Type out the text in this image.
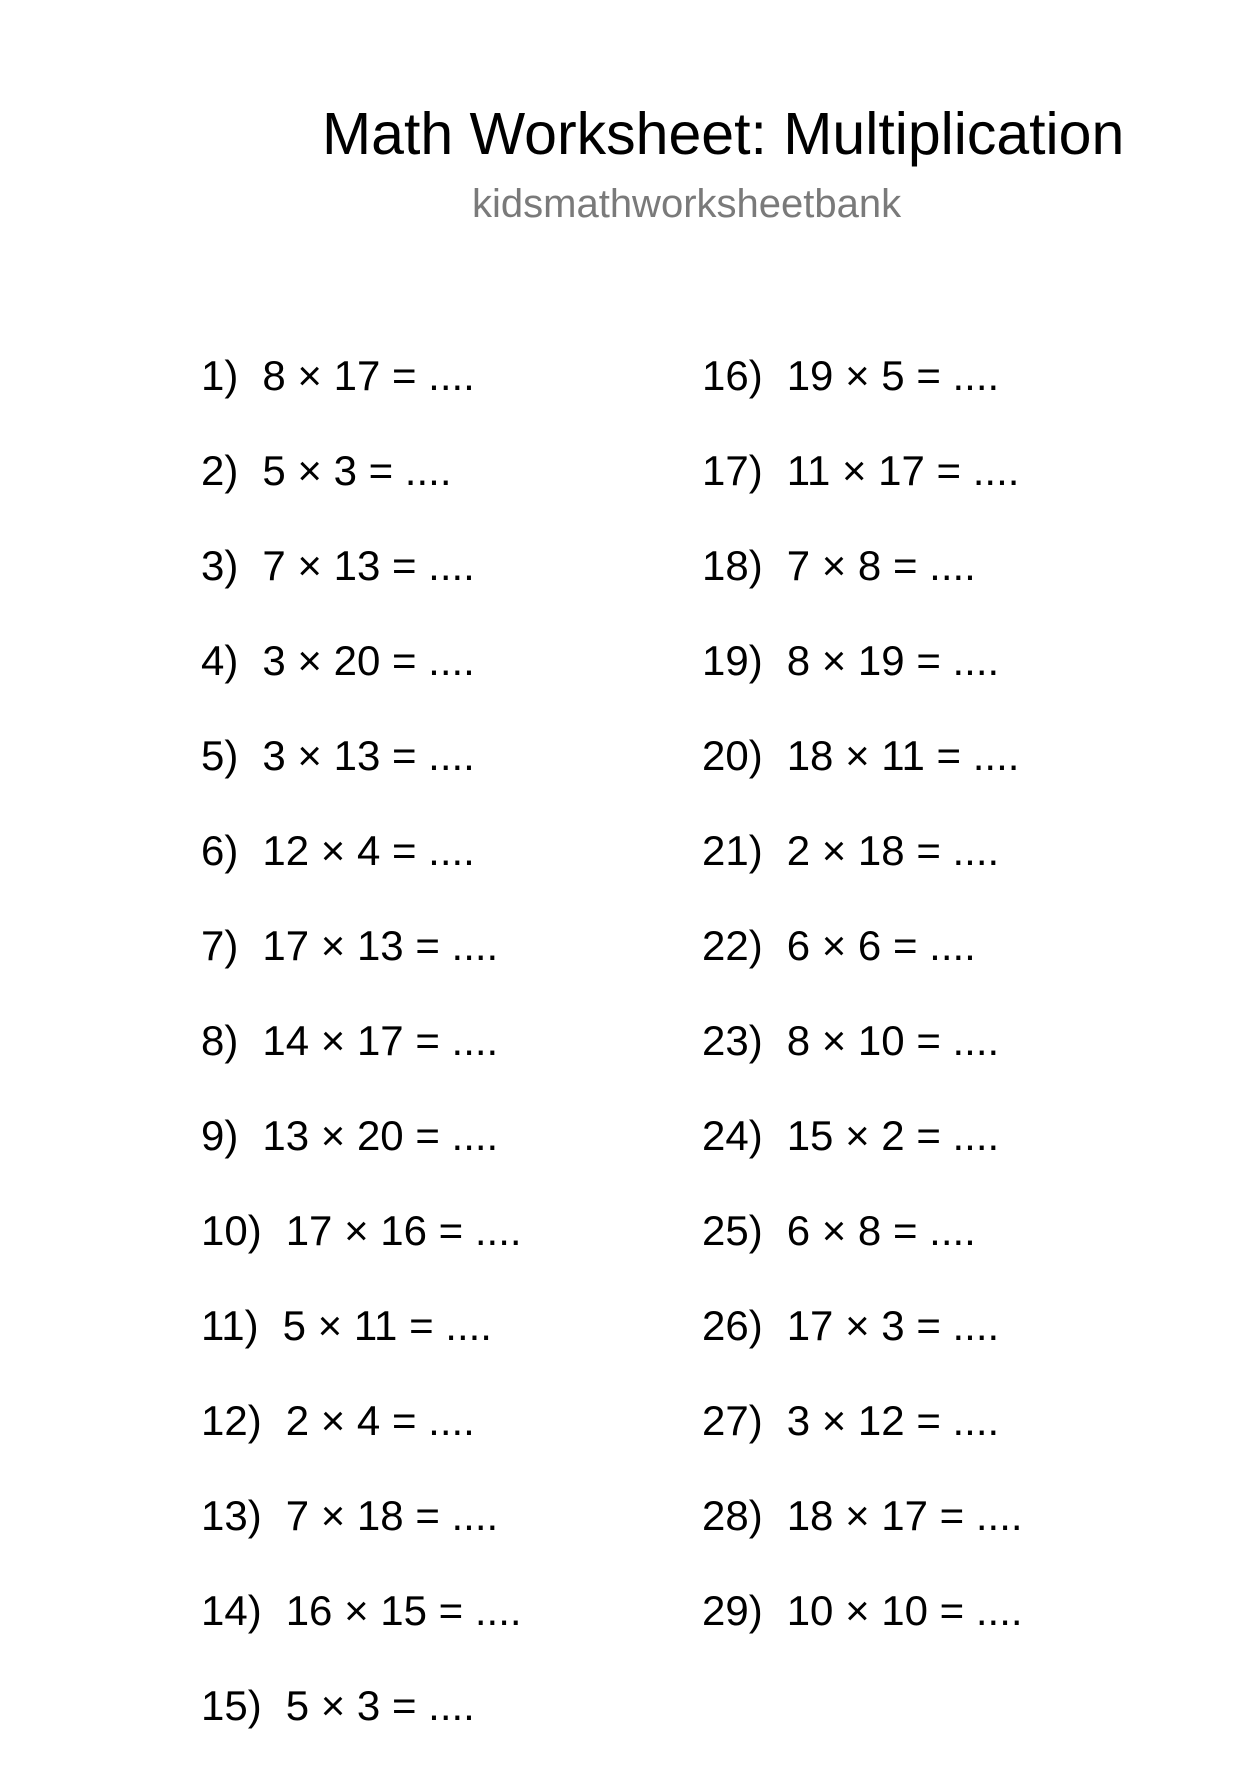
Math Worksheet: Multiplication
kidsmathworksheetbank
1) 8 × 17 = ....
2) 5 × 3 = ....
3) 7 × 13 = ....
4) 3 × 20 = ....
5) 3 × 13 = ....
6) 12 × 4 = ....
7) 17 × 13 = ....
8) 14 × 17 = ....
9) 13 × 20 = ....
10) 17 × 16 = ....
11) 5 × 11 = ....
12) 2 × 4 = ....
13) 7 × 18 = ....
14) 16 × 15 = ....
15) 5 × 3 = ....
16) 19 × 5 = ....
17) 11 × 17 = ....
18) 7 × 8 = ....
19) 8 × 19 = ....
20) 18 × 11 = ....
21) 2 × 18 = ....
22) 6 × 6 = ....
23) 8 × 10 = ....
24) 15 × 2 = ....
25) 6 × 8 = ....
26) 17 × 3 = ....
27) 3 × 12 = ....
28) 18 × 17 = ....
29) 10 × 10 = ....
